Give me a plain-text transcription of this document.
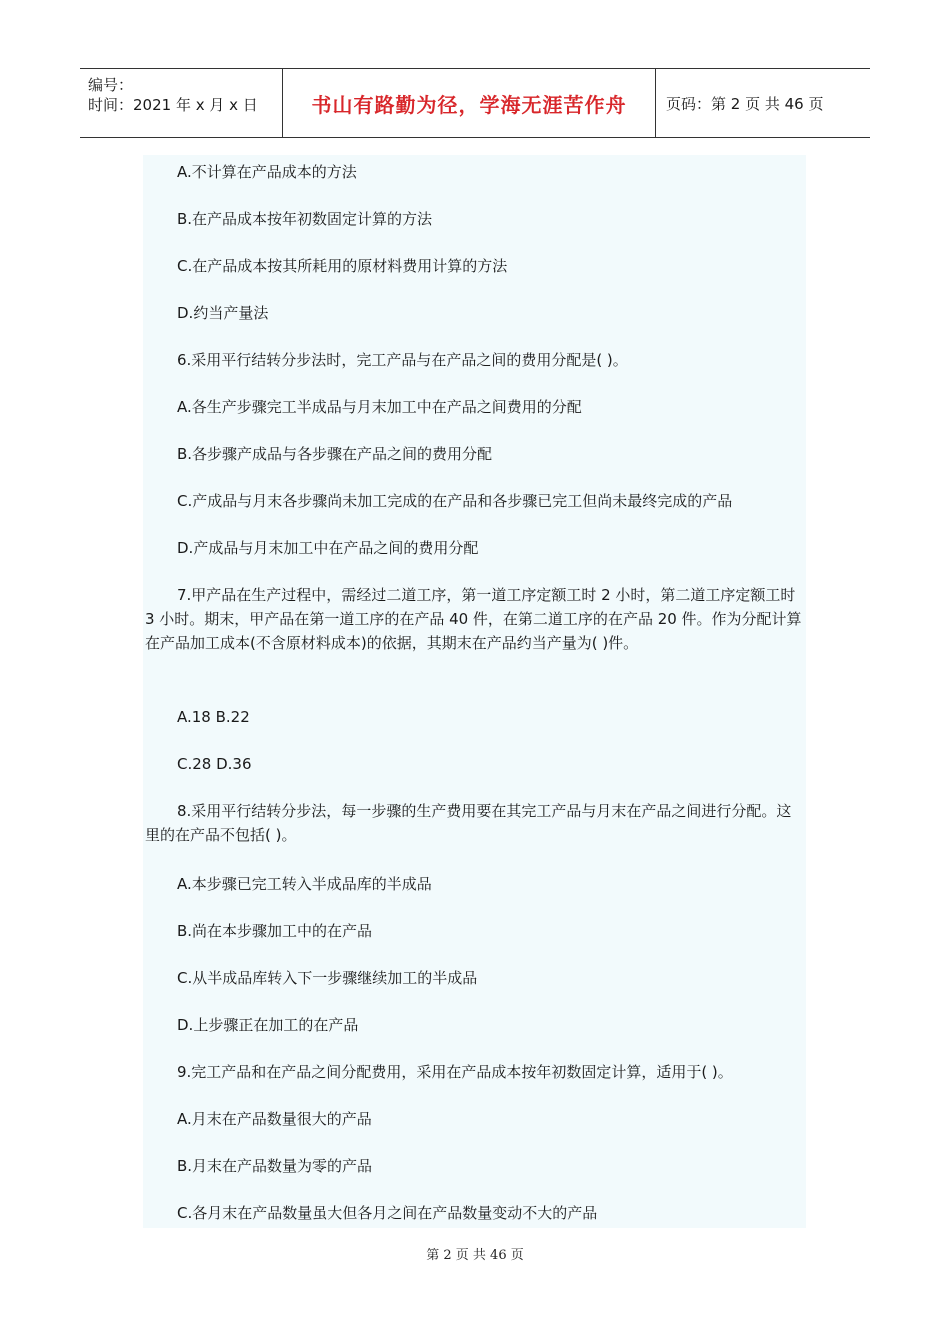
编号：
时间：2021 年 x 月 x 日	书山有路勤为径，学海无涯苦作舟	页码：第 2 页 共 46 页
A.不计算在产品成本的方法
B.在产品成本按年初数固定计算的方法
C.在产品成本按其所耗用的原材料费用计算的方法
D.约当产量法
6.采用平行结转分步法时，完工产品与在产品之间的费用分配是( )。
A.各生产步骤完工半成品与月末加工中在产品之间费用的分配
B.各步骤产成品与各步骤在产品之间的费用分配
C.产成品与月末各步骤尚未加工完成的在产品和各步骤已完工但尚未最终完成的产品
D.产成品与月末加工中在产品之间的费用分配
7.甲产品在生产过程中，需经过二道工序，第一道工序定额工时 2 小时，第二道工序定额工时 3 小时。期末，甲产品在第一道工序的在产品 40 件，在第二道工序的在产品 20 件。作为分配计算在产品加工成本(不含原材料成本)的依据，其期末在产品约当产量为( )件。
A.18 B.22
C.28 D.36
8.采用平行结转分步法，每一步骤的生产费用要在其完工产品与月末在产品之间进行分配。这里的在产品不包括( )。
A.本步骤已完工转入半成品库的半成品
B.尚在本步骤加工中的在产品
C.从半成品库转入下一步骤继续加工的半成品
D.上步骤正在加工的在产品
9.完工产品和在产品之间分配费用，采用在产品成本按年初数固定计算，适用于( )。
A.月末在产品数量很大的产品
B.月末在产品数量为零的产品
C.各月末在产品数量虽大但各月之间在产品数量变动不大的产品
第 2 页 共 46 页
